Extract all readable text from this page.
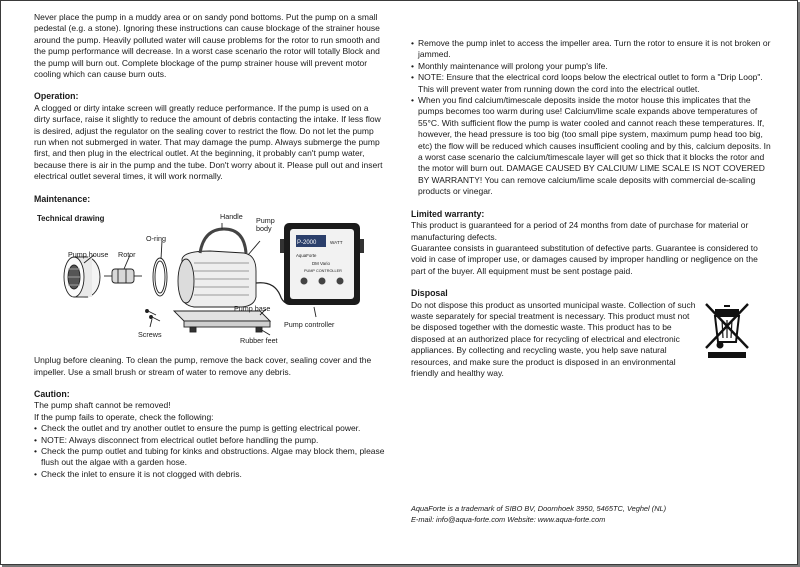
Never place the pump in a muddy area or on sandy pond bottoms. Put the pump on a small pedestal (e.g. a stone). Ignoring these instructions can cause blockage of the strainer house around the pump. Heavily polluted water will cause problems for the rotor to run smooth and the pump performance will decrease. In a worst case scenario the rotor will totally Block and the pump will burn out. Complete blockage of the pump strainer house will prevent motor cooling which can cause burn outs.

Operation:

A clogged or dirty intake screen will greatly reduce performance. If the pump is used on a dirty surface, raise it slightly to reduce the amount of debris contacting the intake. If less flow is desired, adjust the regulator on the sealing cover to restrict the flow. Do not let the pump run when not submerged in water. That may damage the pump. Always submerge the pump first, and then plug in the electrical outlet. At the beginning, it probably can't pump water, because there is air in the pump and the tube. Don't worry about it. Please pull out and insert electrical outlet several times, it will work normally.

Maintenance:

Technical drawing
P-2000	WATT
AquaForte
DM Vario
PUMP CONTROLLER
Handle Pump body
O-ring
Pump house Rotor
Screws
Pump base
Pump controller
Rubber feet

Unplug before cleaning. To clean the pump, remove the back cover, sealing cover and the impeller. Use a small brush or stream of water to remove any debris.

Caution:

The pump shaft cannot be removed!

If the pump fails to operate, check the following:

• Check the outlet and try another outlet to ensure the pump is getting electrical power.
• NOTE: Always disconnect from electrical outlet before handling the pump.
• Check the pump outlet and tubing for kinks and obstructions. Algae may block them, please flush out the algae with a garden hose.
• Check the inlet to ensure it is not clogged with debris.
• Remove the pump inlet to access the impeller area. Turn the rotor to ensure it is not broken or jammed.
• Monthly maintenance will prolong your pump's life.
• NOTE: Ensure that the electrical cord loops below the electrical outlet to form a "Drip Loop". This will prevent water from running down the cord into the electrical outlet.
• When you find calcium/timescale deposits inside the motor house this implicates that the pumps becomes too warm during use! Calcium/lime scale expands above temperatures of 55°C. With sufficient flow the pump is water cooled and cannot reach these temperatures. If, however, the head pressure is too big (too small pipe system, maximum pump head too big, etc) the flow will be reduced which causes insufficient cooling and by this, calcium deposits. In a worst case scenario the calcium/timescale layer will get so thick that it blocks the rotor and the motor will burn out. DAMAGE CAUSED BY CALCIUM/ LIME SCALE IS NOT COVERED BY WARRANTY! You can remove calcium/lime scale deposits with commercial de-scaling products or vinegar.

Limited warranty:

This product is guaranteed for a period of 24 months from date of purchase for material or manufacturing defects.

Guarantee consists in guaranteed substitution of defective parts. Guarantee is considered to void in case of improper use, or damages caused by improper handling or negligence on the part of the buyer. All equipment must be sent postage paid.

Disposal

Do not dispose this product as unsorted municipal waste. Collection of such waste separately for special treatment is necessary. This product must not be disposed together with the domestic waste. This product has to be disposed at an authorized place for recycling of electrical and electronic appliances. By collecting and recycling waste, you help save natural resources, and make sure the product is disposed in an environmental friendly and healthy way.

AquaForte is a trademark of SIBO BV, Doornhoek 3950, 5465TC, Veghel (NL)

E-mail: info@aqua-forte.com Website: www.aqua-forte.com
